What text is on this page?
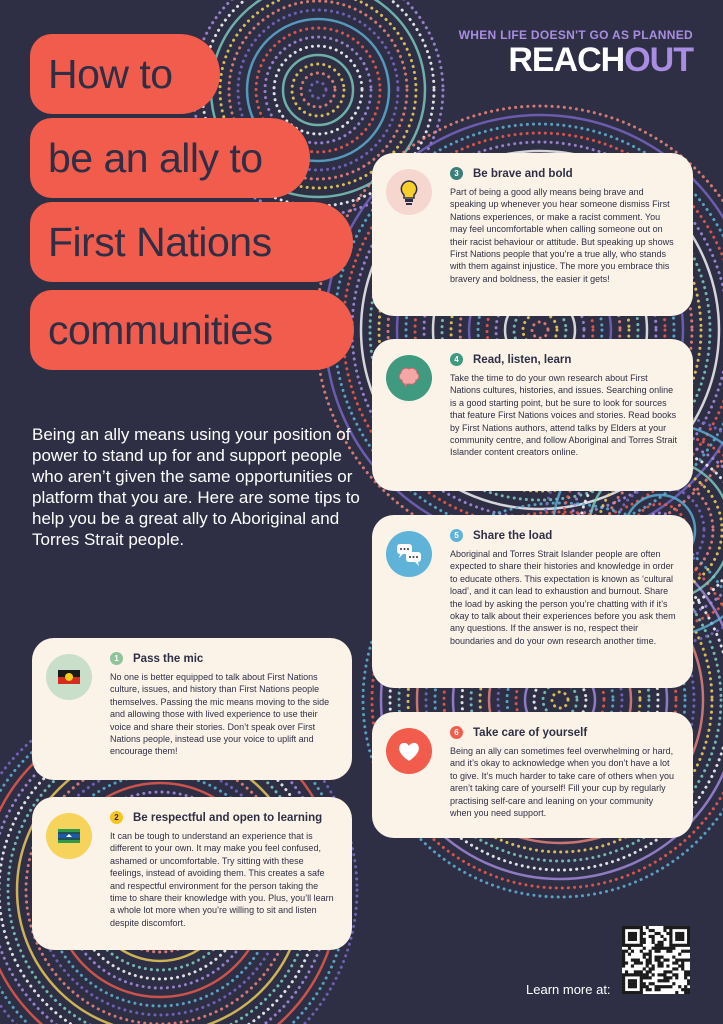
How to
be an ally to
First Nations
communities
WHEN LIFE DOESN'T GO AS PLANNED
REACHOUT
Being an ally means using your position of power to stand up for and support people who aren’t given the same opportunities or platform that you are. Here are some tips to help you be a great ally to Aboriginal and Torres Strait people.
3	Be brave and bold
Part of being a good ally means being brave and speaking up whenever you hear someone dismiss First Nations experiences, or make a racist comment. You may feel uncomfortable when calling someone out on their racist behaviour or attitude. But speaking up shows First Nations people that you’re a true ally, who stands with them against injustice. The more you embrace this bravery and boldness, the easier it gets!
4	Read, listen, learn
Take the time to do your own research about First Nations cultures, histories, and issues. Searching online is a good starting point, but be sure to look for sources that feature First Nations voices and stories. Read books by First Nations authors, attend talks by Elders at your community centre, and follow Aboriginal and Torres Strait Islander content creators online.
5	Share the load
Aboriginal and Torres Strait Islander people are often expected to share their histories and knowledge in order to educate others. This expectation is known as ‘cultural load’, and it can lead to exhaustion and burnout. Share the load by asking the person you’re chatting with if it’s okay to talk about their experiences before you ask them any questions. If the answer is no, respect their boundaries and do your own research another time.
6	Take care of yourself
Being an ally can sometimes feel overwhelming or hard, and it’s okay to acknowledge when you don’t have a lot to give. It’s much harder to take care of others when you aren’t taking care of yourself! Fill your cup by regularly practising self-care and leaning on your community when you need support.
1	Pass the mic
No one is better equipped to talk about First Nations culture, issues, and history than First Nations people themselves. Passing the mic means moving to the side and allowing those with lived experience to use their voice and share their stories. Don’t speak over First Nations people, instead use your voice to uplift and encourage them!
2	Be respectful and open to learning
It can be tough to understand an experience that is different to your own. It may make you feel confused, ashamed or uncomfortable. Try sitting with these feelings, instead of avoiding them. This creates a safe and respectful environment for the person taking the time to share their knowledge with you. Plus, you’ll learn a whole lot more when you’re willing to sit and listen despite discomfort.
Learn more at:
